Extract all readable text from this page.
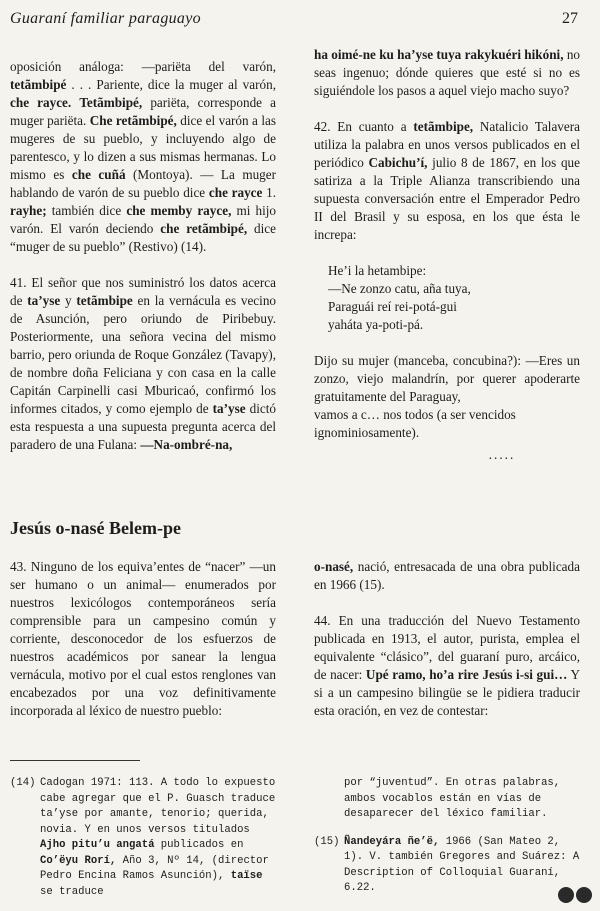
Guaraní familiar paraguayo	27

oposición análoga: —pariëta del varón, tetãmbipé . . . Pariente, dice la muger al varón, che rayce. Tetãmbipé, pariëta, corresponde a muger pariëta. Che retãmbipé, dice el varón a las mugeres de su pueblo, y incluyendo algo de parentesco, y lo dizen a sus mismas hermanas. Lo mismo es che cuñá (Montoya). — La muger hablando de varón de su pueblo dice che rayce 1. rayhe; también dice che memby rayce, mi hijo varón. El varón deciendo che retãmbipé, dice “muger de su pueblo” (Restivo) (14).

41. El señor que nos suministró los datos acerca de ta’yse y tetãmbipe en la vernácula es vecino de Asunción, pero oriundo de Piribebuy. Posteriormente, una señora vecina del mismo barrio, pero oriunda de Roque González (Tavapy), de nombre doña Feliciana y con casa en la calle Capitán Carpinelli casi Mburicaó, confirmó los informes citados, y como ejemplo de ta’yse dictó esta respuesta a una supuesta pregunta acerca del paradero de una Fulana: —Na-ombré-na,

ha oimé-ne ku ha’yse tuya rakykuéri hikóni, no seas ingenuo; dónde quieres que esté si no es siguiéndole los pasos a aquel viejo macho suyo?

42. En cuanto a tetãmbipe, Natalicio Talavera utiliza la palabra en unos versos publicados en el periódico Cabichu’í, julio 8 de 1867, en los que satiriza a la Triple Alianza transcribiendo una supuesta conversación entre el Emperador Pedro II del Brasil y su esposa, en los que ésta le increpa:

He’i la hetambipe:
—Ne zonzo catu, aña tuya,
Paraguái reí rei-potá-gui
yaháta ya-poti-pá.

Dijo su mujer (manceba, concubina?): —Eres un zonzo, viejo malandrín, por querer apoderarte gratuitamente del Paraguay,

vamos a c… nos todos (a ser vencidos ignominiosamente).

.....
Jesús o-nasé Belem-pe

43. Ninguno de los equiva’entes de “nacer” —un ser humano o un animal— enumerados por nuestros lexicólogos contemporáneos sería comprensible para un campesino común y corriente, desconocedor de los esfuerzos de nuestros académicos por sanear la lengua vernácula, motivo por el cual estos renglones van encabezados por una voz definitivamente incorporada al léxico de nuestro pueblo:

o-nasé, nació, entresacada de una obra publicada en 1966 (15).

44. En una traducción del Nuevo Testamento publicada en 1913, el autor, purista, emplea el equivalente “clásico”, del guaraní puro, arcáico, de nacer: Upé ramo, ho’a rire Jesús i-si gui… Y si a un campesino bilingüe se le pidiera traducir esta oración, en vez de contestar:

(14) Cadogan 1971: 113. A todo lo expuesto cabe agregar que el P. Guasch traduce ta’yse por amante, tenorio; querida, novia. Y en unos versos titulados Ajho pitu’u angatá publicados en Co’ëyu Rorí, Año 3, Nº 14, (director Pedro Encina Ramos Asunción), taïse se traduce
por “juventud”. En otras palabras, ambos vocablos están en vías de desaparecer del léxico familiar.
(15) Ñandeyára ñe’ë, 1966 (San Mateo 2, 1). V. también Gregores and Suárez: A Description of Colloquial Guaraní, 6.22.
